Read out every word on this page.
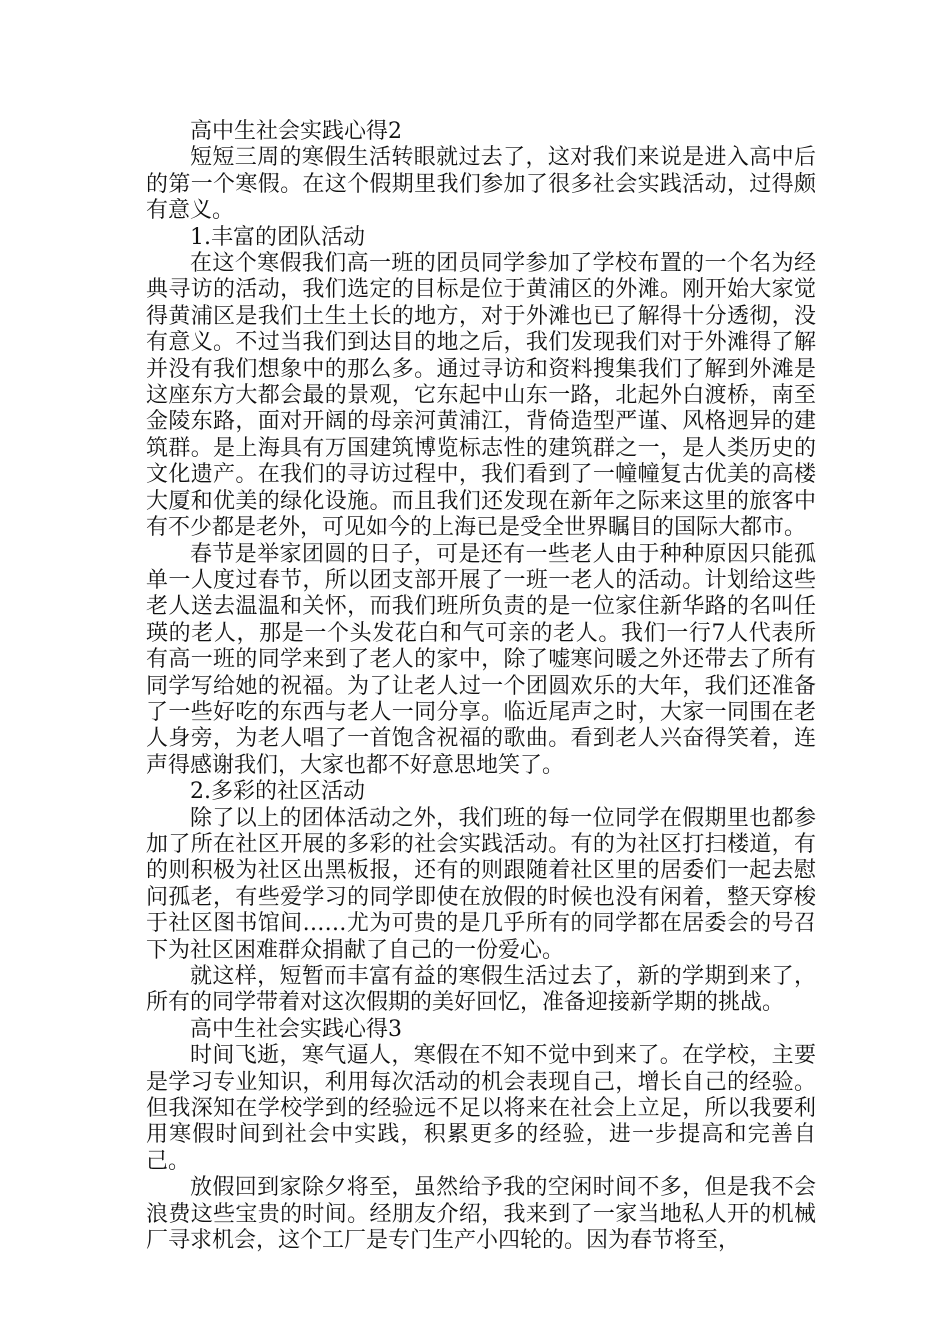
高中生社会实践心得2

短短三周的寒假生活转眼就过去了，这对我们来说是进入高中后的第一个寒假。在这个假期里我们参加了很多社会实践活动，过得颇有意义。

1.丰富的团队活动

在这个寒假我们高一班的团员同学参加了学校布置的一个名为经典寻访的活动，我们选定的目标是位于黄浦区的外滩。刚开始大家觉得黄浦区是我们土生土长的地方，对于外滩也已了解得十分透彻，没有意义。不过当我们到达目的地之后，我们发现我们对于外滩得了解并没有我们想象中的那么多。通过寻访和资料搜集我们了解到外滩是这座东方大都会最的景观，它东起中山东一路，北起外白渡桥，南至金陵东路，面对开阔的母亲河黄浦江，背倚造型严谨、风格迥异的建筑群。是上海具有万国建筑博览标志性的建筑群之一，是人类历史的文化遗产。在我们的寻访过程中，我们看到了一幢幢复古优美的高楼大厦和优美的绿化设施。而且我们还发现在新年之际来这里的旅客中有不少都是老外，可见如今的上海已是受全世界瞩目的国际大都市。

春节是举家团圆的日子，可是还有一些老人由于种种原因只能孤单一人度过春节，所以团支部开展了一班一老人的活动。计划给这些老人送去温温和关怀，而我们班所负责的是一位家住新华路的名叫任瑛的老人，那是一个头发花白和气可亲的老人。我们一行7人代表所有高一班的同学来到了老人的家中，除了嘘寒问暖之外还带去了所有同学写给她的祝福。为了让老人过一个团圆欢乐的大年，我们还准备了一些好吃的东西与老人一同分享。临近尾声之时，大家一同围在老人身旁，为老人唱了一首饱含祝福的歌曲。看到老人兴奋得笑着，连声得感谢我们，大家也都不好意思地笑了。

2.多彩的社区活动

除了以上的团体活动之外，我们班的每一位同学在假期里也都参加了所在社区开展的多彩的社会实践活动。有的为社区打扫楼道，有的则积极为社区出黑板报，还有的则跟随着社区里的居委们一起去慰问孤老，有些爱学习的同学即使在放假的时候也没有闲着，整天穿梭于社区图书馆间……尤为可贵的是几乎所有的同学都在居委会的号召下为社区困难群众捐献了自己的一份爱心。

就这样，短暂而丰富有益的寒假生活过去了，新的学期到来了，所有的同学带着对这次假期的美好回忆，准备迎接新学期的挑战。

高中生社会实践心得3

时间飞逝，寒气逼人，寒假在不知不觉中到来了。在学校，主要是学习专业知识，利用每次活动的机会表现自己，增长自己的经验。但我深知在学校学到的经验远不足以将来在社会上立足，所以我要利用寒假时间到社会中实践，积累更多的经验，进一步提高和完善自己。

放假回到家除夕将至，虽然给予我的空闲时间不多，但是我不会浪费这些宝贵的时间。经朋友介绍，我来到了一家当地私人开的机械厂寻求机会，这个工厂是专门生产小四轮的。因为春节将至，
